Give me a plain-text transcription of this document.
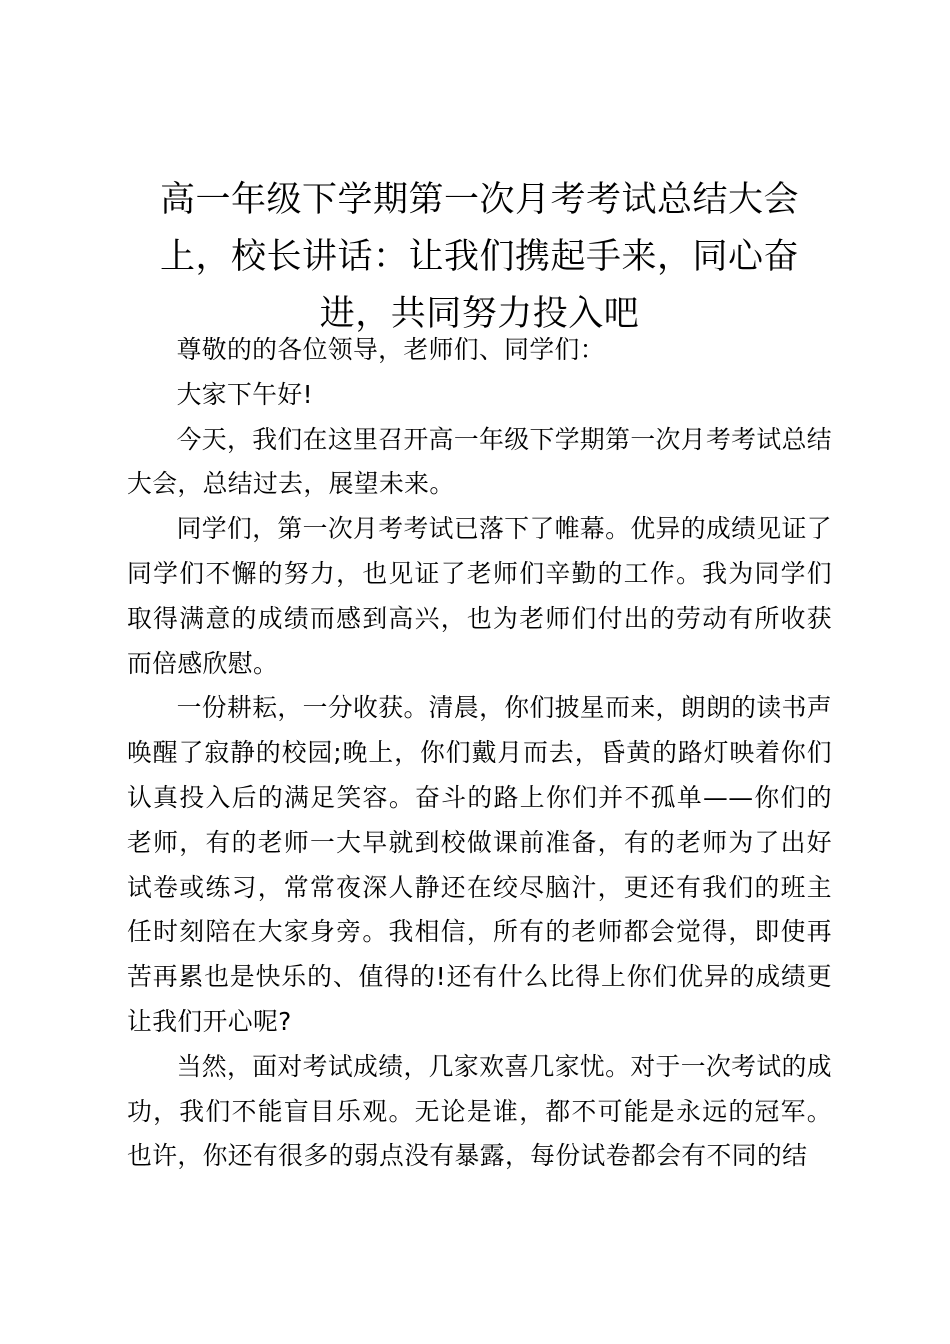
高一年级下学期第一次月考考试总结大会上，校长讲话：让我们携起手来，同心奋进，共同努力投入吧

尊敬的的各位领导，老师们、同学们：

大家下午好!

今天，我们在这里召开高一年级下学期第一次月考考试总结大会，总结过去，展望未来。

同学们，第一次月考考试已落下了帷幕。优异的成绩见证了同学们不懈的努力，也见证了老师们辛勤的工作。我为同学们取得满意的成绩而感到高兴，也为老师们付出的劳动有所收获而倍感欣慰。

一份耕耘，一分收获。清晨，你们披星而来，朗朗的读书声唤醒了寂静的校园;晚上，你们戴月而去，昏黄的路灯映着你们认真投入后的满足笑容。奋斗的路上你们并不孤单——你们的老师，有的老师一大早就到校做课前准备，有的老师为了出好试卷或练习，常常夜深人静还在绞尽脑汁，更还有我们的班主任时刻陪在大家身旁。我相信，所有的老师都会觉得，即使再苦再累也是快乐的、值得的!还有什么比得上你们优异的成绩更让我们开心呢?

当然，面对考试成绩，几家欢喜几家忧。对于一次考试的成功，我们不能盲目乐观。无论是谁，都不可能是永远的冠军。也许，你还有很多的弱点没有暴露，每份试卷都会有不同的结
